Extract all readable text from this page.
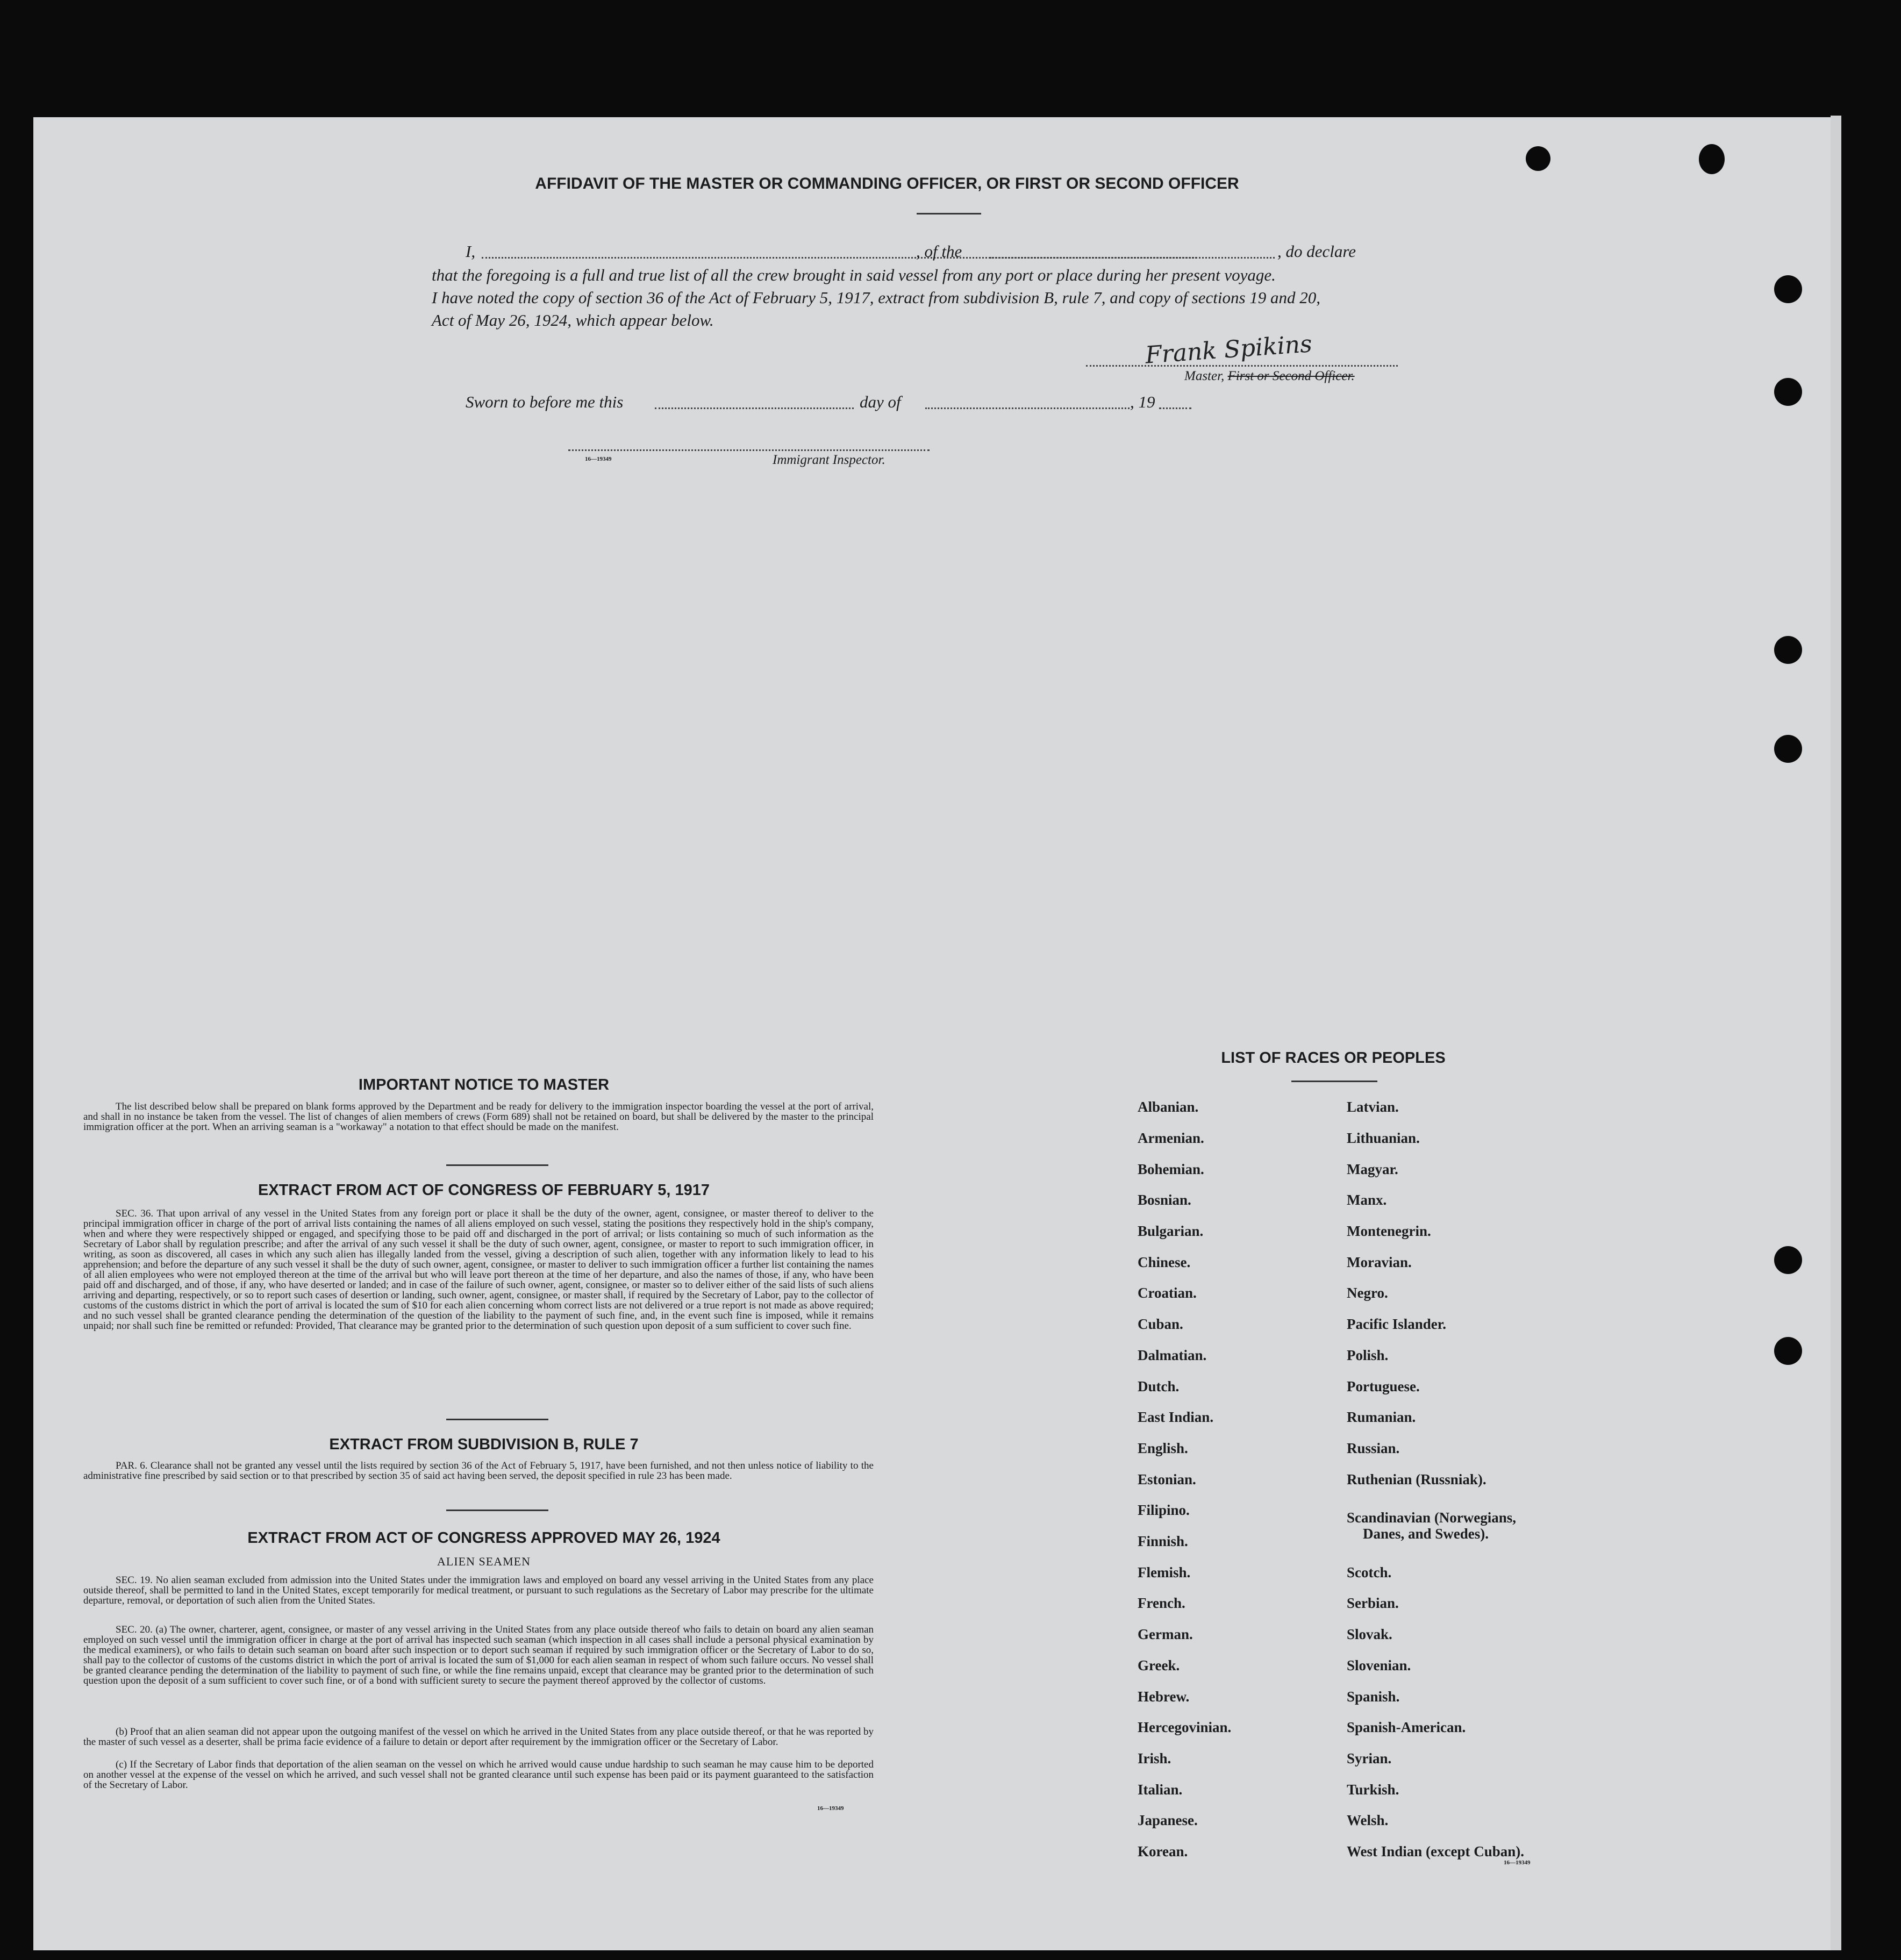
AFFIDAVIT OF THE MASTER OR COMMANDING OFFICER, OR FIRST OR SECOND OFFICER
I,	, of the	, do declare
that the foregoing is a full and true list of all the crew brought in said vessel from any port or place during her present voyage.
I have noted the copy of section 36 of the Act of February 5, 1917, extract from subdivision B, rule 7, and copy of sections 19 and 20,
Act of May 26, 1924, which appear below.
Frank Spikins
Master, First or Second Officer.
Sworn to before me this	day of	, 19
16—19349	Immigrant Inspector.
IMPORTANT NOTICE TO MASTER
The list described below shall be prepared on blank forms approved by the Department and be ready for delivery to the immigration inspector boarding the vessel at the port of arrival, and shall in no instance be taken from the vessel. The list of changes of alien members of crews (Form 689) shall not be retained on board, but shall be delivered by the master to the principal immigration officer at the port. When an arriving seaman is a "workaway" a notation to that effect should be made on the manifest.
EXTRACT FROM ACT OF CONGRESS OF FEBRUARY 5, 1917
SEC. 36. That upon arrival of any vessel in the United States from any foreign port or place it shall be the duty of the owner, agent, consignee, or master thereof to deliver to the principal immigration officer in charge of the port of arrival lists containing the names of all aliens employed on such vessel, stating the positions they respectively hold in the ship's company, when and where they were respectively shipped or engaged, and specifying those to be paid off and discharged in the port of arrival; or lists containing so much of such information as the Secretary of Labor shall by regulation prescribe; and after the arrival of any such vessel it shall be the duty of such owner, agent, consignee, or master to report to such immigration officer, in writing, as soon as discovered, all cases in which any such alien has illegally landed from the vessel, giving a description of such alien, together with any information likely to lead to his apprehension; and before the departure of any such vessel it shall be the duty of such owner, agent, consignee, or master to deliver to such immigration officer a further list containing the names of all alien employees who were not employed thereon at the time of the arrival but who will leave port thereon at the time of her departure, and also the names of those, if any, who have been paid off and discharged, and of those, if any, who have deserted or landed; and in case of the failure of such owner, agent, consignee, or master so to deliver either of the said lists of such aliens arriving and departing, respectively, or so to report such cases of desertion or landing, such owner, agent, consignee, or master shall, if required by the Secretary of Labor, pay to the collector of customs of the customs district in which the port of arrival is located the sum of $10 for each alien concerning whom correct lists are not delivered or a true report is not made as above required; and no such vessel shall be granted clearance pending the determination of the question of the liability to the payment of such fine, and, in the event such fine is imposed, while it remains unpaid; nor shall such fine be remitted or refunded: Provided, That clearance may be granted prior to the determination of such question upon deposit of a sum sufficient to cover such fine.
EXTRACT FROM SUBDIVISION B, RULE 7
PAR. 6. Clearance shall not be granted any vessel until the lists required by section 36 of the Act of February 5, 1917, have been furnished, and not then unless notice of liability to the administrative fine prescribed by said section or to that prescribed by section 35 of said act having been served, the deposit specified in rule 23 has been made.
EXTRACT FROM ACT OF CONGRESS APPROVED MAY 26, 1924
ALIEN SEAMEN
SEC. 19. No alien seaman excluded from admission into the United States under the immigration laws and employed on board any vessel arriving in the United States from any place outside thereof, shall be permitted to land in the United States, except temporarily for medical treatment, or pursuant to such regulations as the Secretary of Labor may prescribe for the ultimate departure, removal, or deportation of such alien from the United States.
SEC. 20. (a) The owner, charterer, agent, consignee, or master of any vessel arriving in the United States from any place outside thereof who fails to detain on board any alien seaman employed on such vessel until the immigration officer in charge at the port of arrival has inspected such seaman (which inspection in all cases shall include a personal physical examination by the medical examiners), or who fails to detain such seaman on board after such inspection or to deport such seaman if required by such immigration officer or the Secretary of Labor to do so, shall pay to the collector of customs of the customs district in which the port of arrival is located the sum of $1,000 for each alien seaman in respect of whom such failure occurs. No vessel shall be granted clearance pending the determination of the liability to payment of such fine, or while the fine remains unpaid, except that clearance may be granted prior to the determination of such question upon the deposit of a sum sufficient to cover such fine, or of a bond with sufficient surety to secure the payment thereof approved by the collector of customs.
(b) Proof that an alien seaman did not appear upon the outgoing manifest of the vessel on which he arrived in the United States from any place outside thereof, or that he was reported by the master of such vessel as a deserter, shall be prima facie evidence of a failure to detain or deport after requirement by the immigration officer or the Secretary of Labor.
(c) If the Secretary of Labor finds that deportation of the alien seaman on the vessel on which he arrived would cause undue hardship to such seaman he may cause him to be deported on another vessel at the expense of the vessel on which he arrived, and such vessel shall not be granted clearance until such expense has been paid or its payment guaranteed to the satisfaction of the Secretary of Labor.
16—19349
LIST OF RACES OR PEOPLES
Albanian.
Armenian.
Bohemian.
Bosnian.
Bulgarian.
Chinese.
Croatian.
Cuban.
Dalmatian.
Dutch.
East Indian.
English.
Estonian.
Filipino.
Finnish.
Flemish.
French.
German.
Greek.
Hebrew.
Hercegovinian.
Irish.
Italian.
Japanese.
Korean.
Latvian.
Lithuanian.
Magyar.
Manx.
Montenegrin.
Moravian.
Negro.
Pacific Islander.
Polish.
Portuguese.
Rumanian.
Russian.
Ruthenian (Russniak).
Scandinavian (Norwegians,
Danes, and Swedes).
Scotch.
Serbian.
Slovak.
Slovenian.
Spanish.
Spanish-American.
Syrian.
Turkish.
Welsh.
West Indian (except Cuban).
16—19349
